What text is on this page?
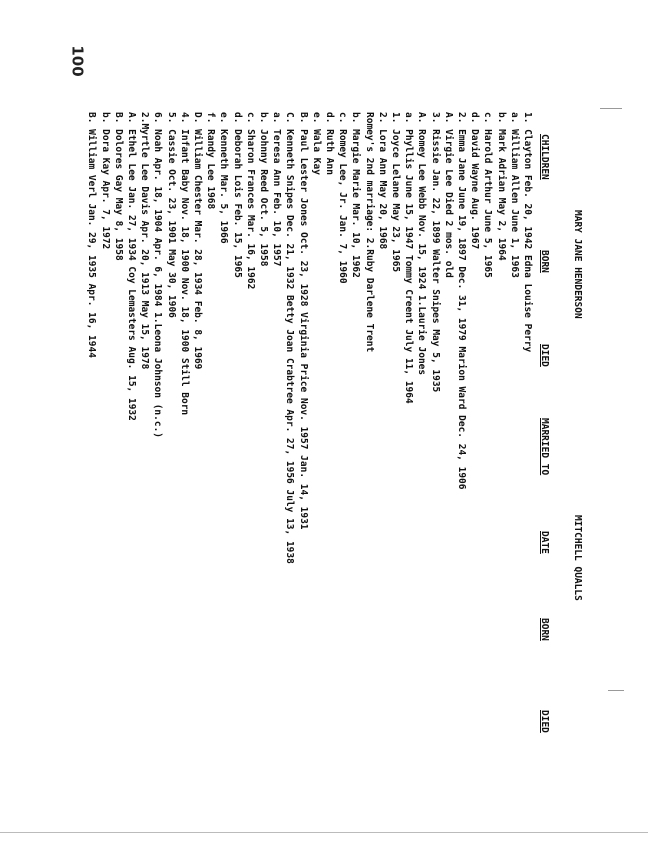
100
MARY JANE HENDERSON
MITCHELL QUALLS
CHILDREN
BORN
DIED
MARRIED TO
DATE
BORN
DIED
1. Clayton Feb. 20, 1942 Edna Louise Perry
a. William Allen June 1, 1963
b. Mark Adrian May 2, 1964
c. Harold Arthur June 5, 1965
d. David Wayne Aug. 1967
2. Emma Jane June 19, 1897 Dec. 31, 1979 Marion Ward Dec. 24, 1906
A. Virgie Lee Died 2 mos. old
3. Rissie Jan. 22, 1899 Walter Snipes May 5, 1935
A. Romey Lee Webb Nov. 15, 1924 1.Laurie Jones
a. Phyllis June 15, 1947 Tommy Creent July 11, 1964
1. Joyce Lelane May 23, 1965
2. Lora Ann May 20, 1968
Romey's 2nd marriage: 2.Ruby Darlene Trent
b. Margie Marie Mar. 10, 1962
c. Romey Lee, Jr. Jan. 7, 1960
d. Ruth Ann
e. Wala Kay
B. Paul Lester Jones Oct. 23, 1928 Virginia Price Nov. 1957 Jan. 14, 1931
C. Kenneth Snipes Dec. 21, 1932 Betty Joan Crabtree Apr. 27, 1956 July 13, 1938
a. Teresa Ann Feb. 10, 1957
b. Johnny Reed Oct. 5, 1958
c. Sharon Frances Mar. 16, 1962
d. Deborah Lois Feb. 15, 1965
e. Kenneth Mar. 5, 1966
f. Randy Lee 1968
D. William Chester Mar. 28, 1934 Feb. 8, 1969
4. Infant Baby Nov. 18, 1900 Nov. 18, 1900 Still Born
5. Cassie Oct. 23, 1901 May 30, 1906
6. Noah Apr. 18, 1904 Apr. 6, 1984 1.Leona Johnson (n.c.)
2.Myrtle Lee Davis Apr. 20, 1913 May 15, 1978
A. Ethel Lee Jan. 27, 1934 Coy Lemasters Aug. 15, 1932
B. Dolores Gay May 8, 1958
b. Dora Kay Apr. 7, 1972
B. William Verl Jan. 29, 1935 Apr. 16, 1944
